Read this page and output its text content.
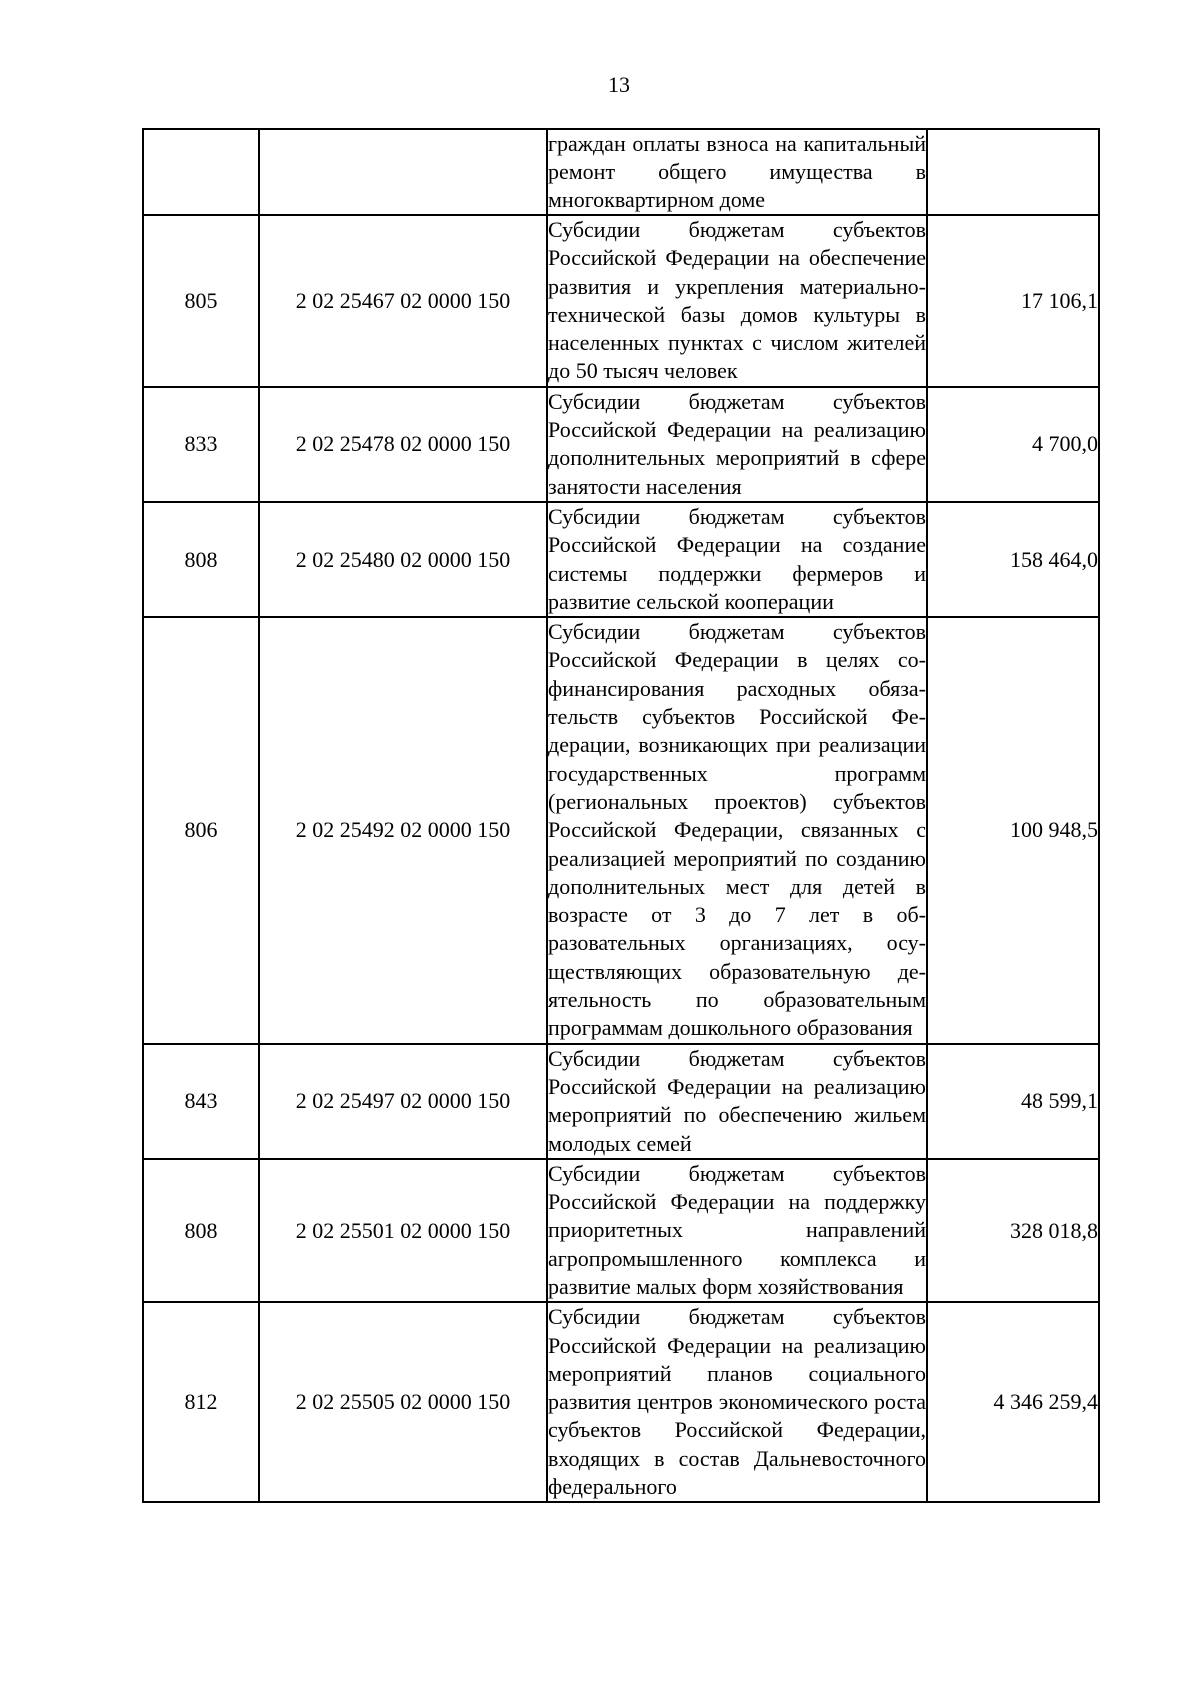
13
		граждан оплаты взноса на капитальный ремонт общего имущества в многоквартирном доме	
805	2 02 25467 02 0000 150	Субсидии бюджетам субъектов Российской Федерации на обеспечение развития и укрепления материально-технической базы домов культуры в населенных пунктах с числом жителей до 50 тысяч человек	17 106,1
833	2 02 25478 02 0000 150	Субсидии бюджетам субъектов Российской Федерации на реализацию дополнительных мероприятий в сфере занятости населения	4 700,0
808	2 02 25480 02 0000 150	Субсидии бюджетам субъектов Российской Федерации на создание системы поддержки фермеров и развитие сельской кооперации	158 464,0
806	2 02 25492 02 0000 150	Субсидии бюджетам субъектов Российской Федерации в целях софинансирования расходных обязательств субъектов Российской Федерации, возникающих при реализации государственных программ (региональных проектов) субъектов Российской Федерации, связанных с реализацией мероприятий по созданию дополнительных мест для детей в возрасте от 3 до 7 лет в образовательных организациях, осуществляющих образовательную деятельность по образовательным программам дошкольного образования	100 948,5
843	2 02 25497 02 0000 150	Субсидии бюджетам субъектов Российской Федерации на реализацию мероприятий по обеспечению жильем молодых семей	48 599,1
808	2 02 25501 02 0000 150	Субсидии бюджетам субъектов Российской Федерации на поддержку приоритетных направлений агропромышленного комплекса и развитие малых форм хозяйствования	328 018,8
812	2 02 25505 02 0000 150	Субсидии бюджетам субъектов Российской Федерации на реализацию мероприятий планов социального развития центров экономического роста субъектов Российской Федерации, входящих в состав Дальневосточного федерального	4 346 259,4
